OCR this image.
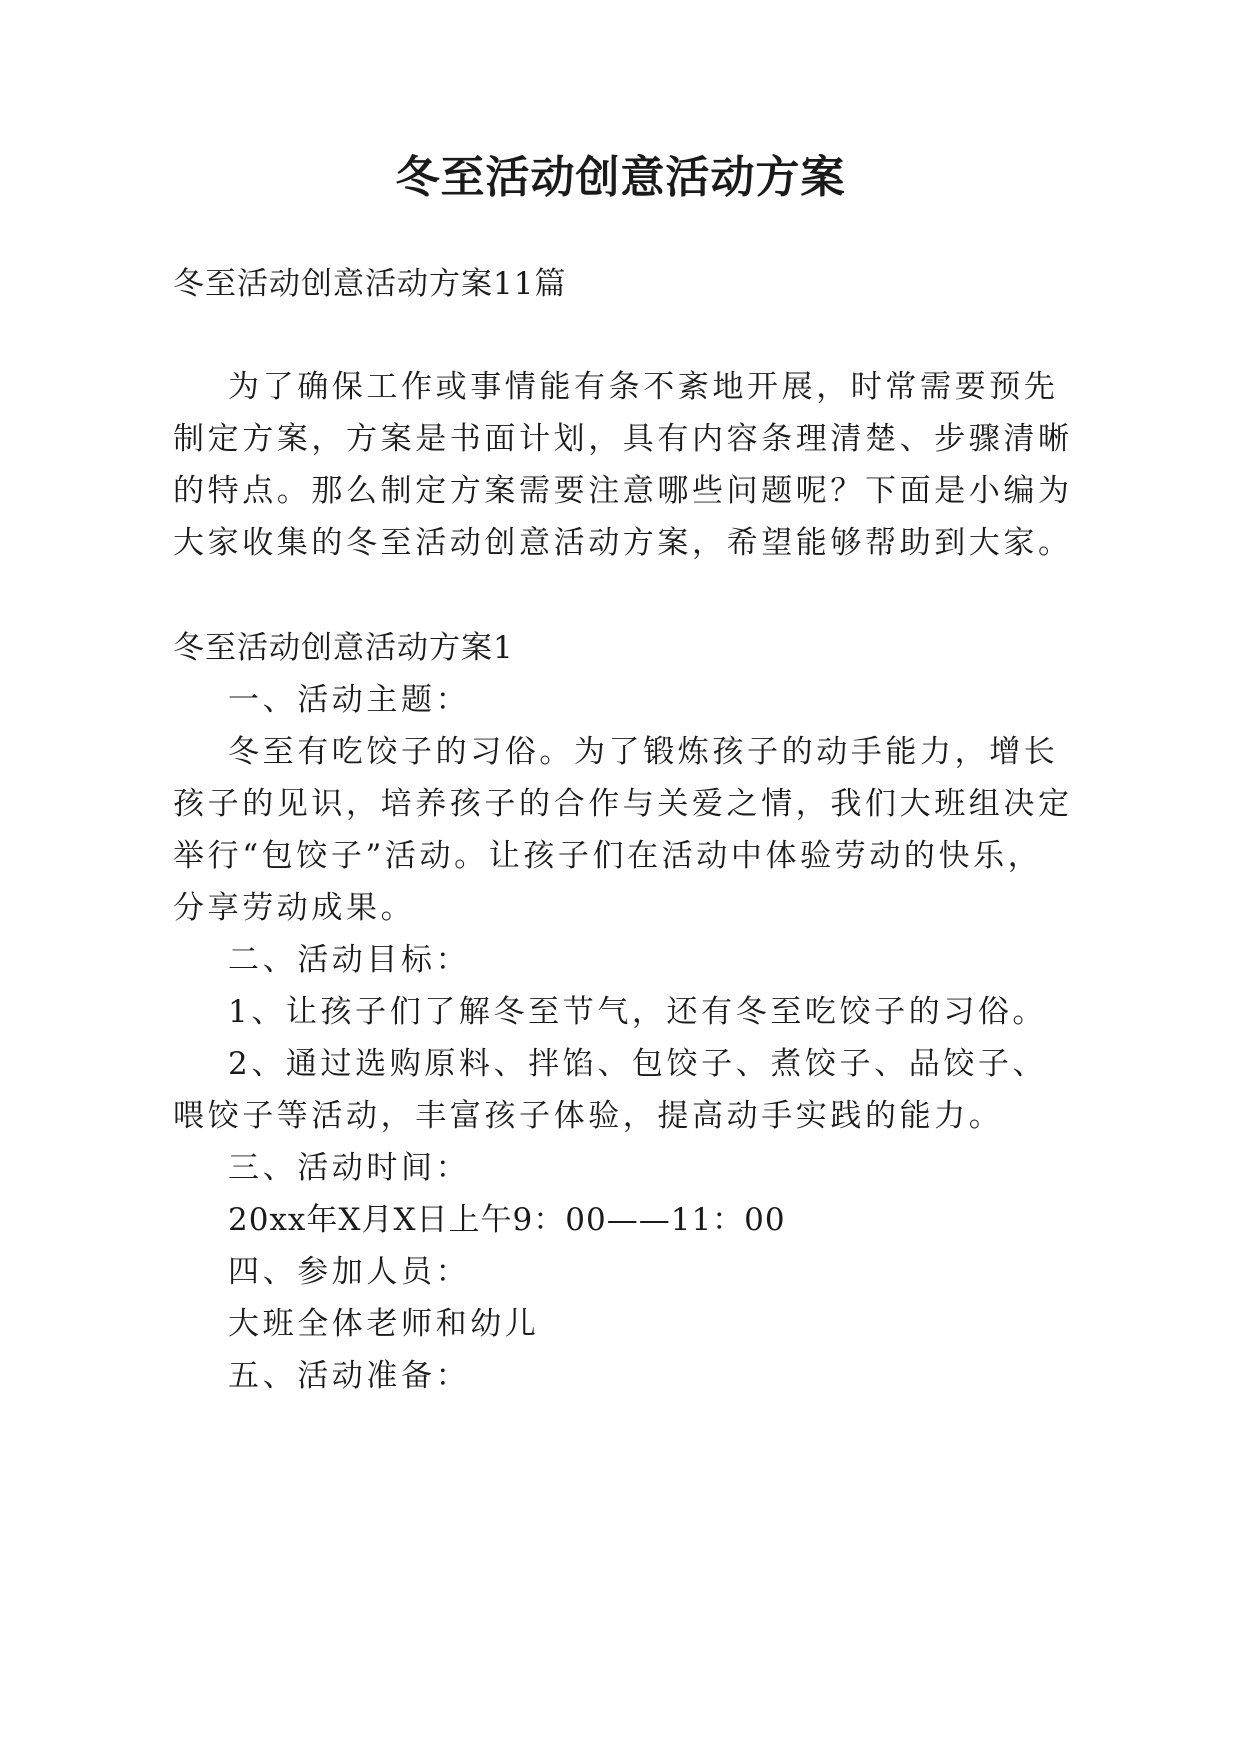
冬至活动创意活动方案
冬至活动创意活动方案11篇
为了确保工作或事情能有条不紊地开展，时常需要预先
制定方案，方案是书面计划，具有内容条理清楚、步骤清晰
的特点。那么制定方案需要注意哪些问题呢？下面是小编为
大家收集的冬至活动创意活动方案，希望能够帮助到大家。
冬至活动创意活动方案1
一、活动主题：
冬至有吃饺子的习俗。为了锻炼孩子的动手能力，增长
孩子的见识，培养孩子的合作与关爱之情，我们大班组决定
举行“包饺子”活动。让孩子们在活动中体验劳动的快乐，
分享劳动成果。
二、活动目标：
1、让孩子们了解冬至节气，还有冬至吃饺子的习俗。
2、通过选购原料、拌馅、包饺子、煮饺子、品饺子、
喂饺子等活动，丰富孩子体验，提高动手实践的能力。
三、活动时间：
20xx年X月X日上午9：00——11：00
四、参加人员：
大班全体老师和幼儿
五、活动准备：
